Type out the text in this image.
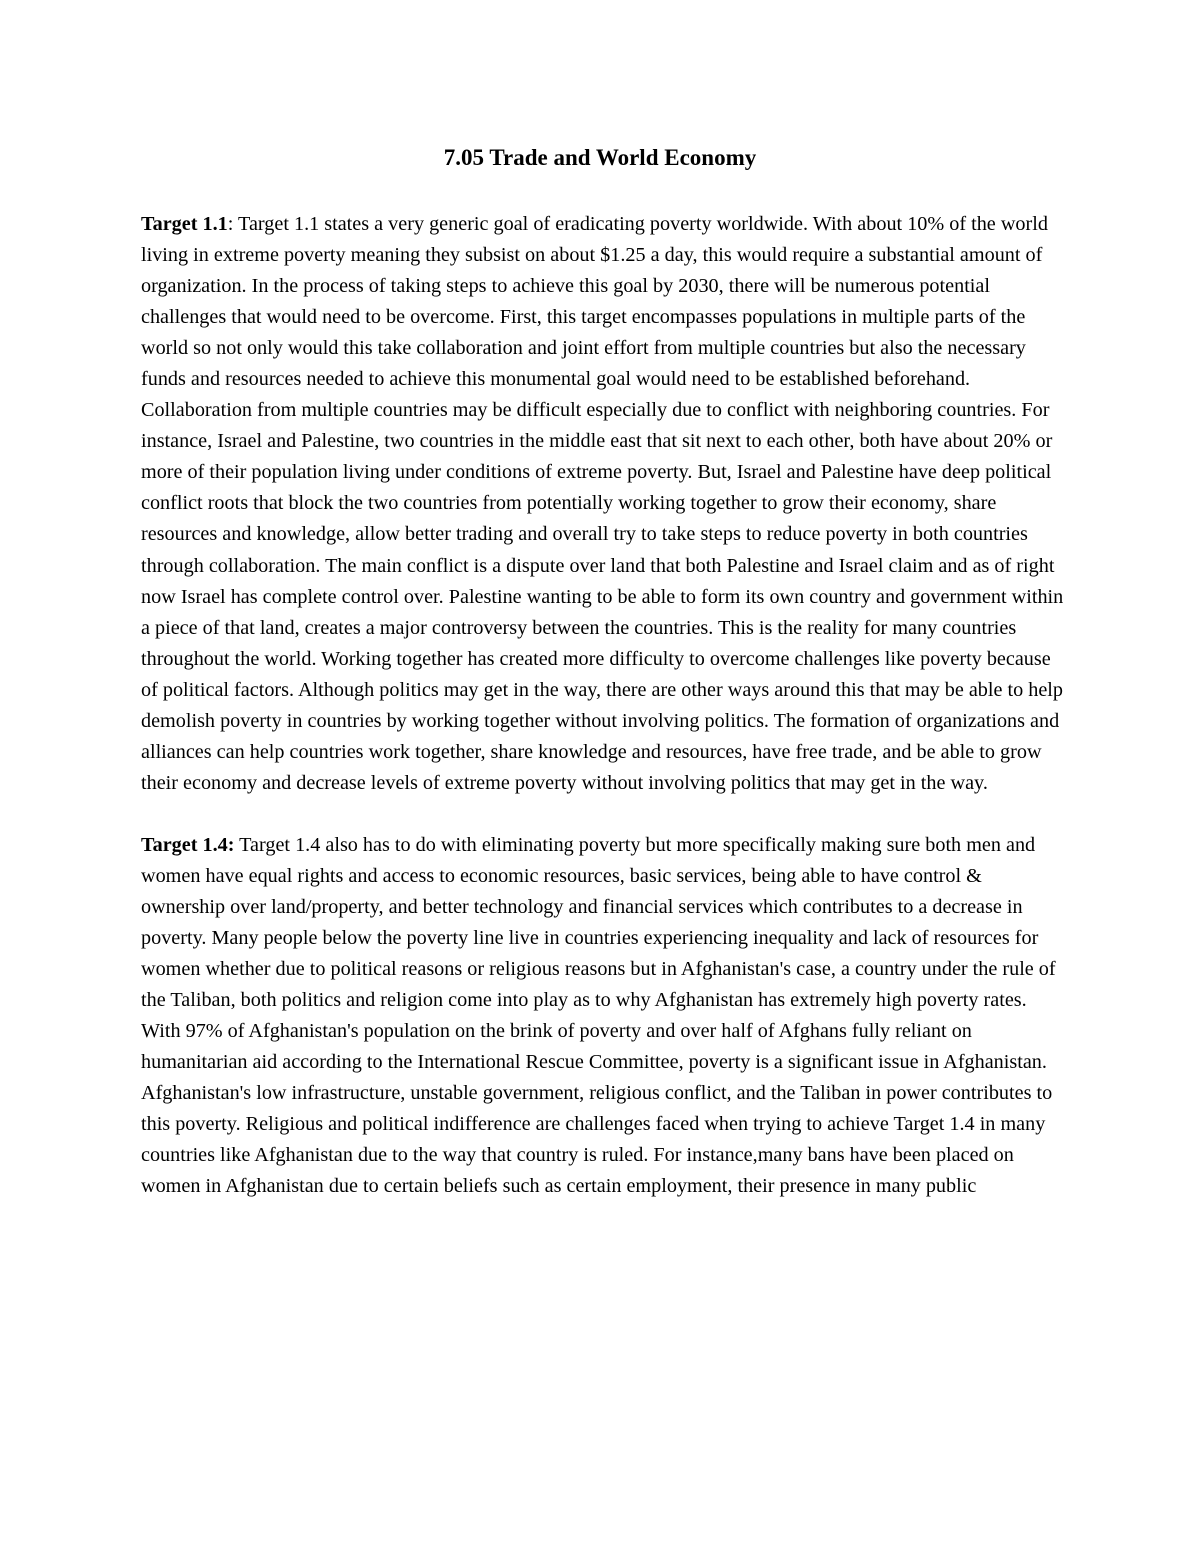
7.05 Trade and World Economy

Target 1.1: Target 1.1 states a very generic goal of eradicating poverty worldwide. With about 10% of the world living in extreme poverty meaning they subsist on about $1.25 a day, this would require a substantial amount of organization. In the process of taking steps to achieve this goal by 2030, there will be numerous potential challenges that would need to be overcome. First, this target encompasses populations in multiple parts of the world so not only would this take collaboration and joint effort from multiple countries but also the necessary funds and resources needed to achieve this monumental goal would need to be established beforehand. Collaboration from multiple countries may be difficult especially due to conflict with neighboring countries. For instance, Israel and Palestine, two countries in the middle east that sit next to each other, both have about 20% or more of their population living under conditions of extreme poverty. But, Israel and Palestine have deep political conflict roots that block the two countries from potentially working together to grow their economy, share resources and knowledge, allow better trading and overall try to take steps to reduce poverty in both countries through collaboration. The main conflict is a dispute over land that both Palestine and Israel claim and as of right now Israel has complete control over. Palestine wanting to be able to form its own country and government within a piece of that land, creates a major controversy between the countries. This is the reality for many countries throughout the world. Working together has created more difficulty to overcome challenges like poverty because of political factors. Although politics may get in the way, there are other ways around this that may be able to help demolish poverty in countries by working together without involving politics. The formation of organizations and alliances can help countries work together, share knowledge and resources, have free trade, and be able to grow their economy and decrease levels of extreme poverty without involving politics that may get in the way.

Target 1.4: Target 1.4 also has to do with eliminating poverty but more specifically making sure both men and women have equal rights and access to economic resources, basic services, being able to have control & ownership over land/property, and better technology and financial services which contributes to a decrease in poverty. Many people below the poverty line live in countries experiencing inequality and lack of resources for women whether due to political reasons or religious reasons but in Afghanistan's case, a country under the rule of the Taliban, both politics and religion come into play as to why Afghanistan has extremely high poverty rates. With 97% of Afghanistan's population on the brink of poverty and over half of Afghans fully reliant on humanitarian aid according to the International Rescue Committee, poverty is a significant issue in Afghanistan. Afghanistan's low infrastructure, unstable government, religious conflict, and the Taliban in power contributes to this poverty. Religious and political indifference are challenges faced when trying to achieve Target 1.4 in many countries like Afghanistan due to the way that country is ruled. For instance,many bans have been placed on women in Afghanistan due to certain beliefs such as certain employment, their presence in many public
